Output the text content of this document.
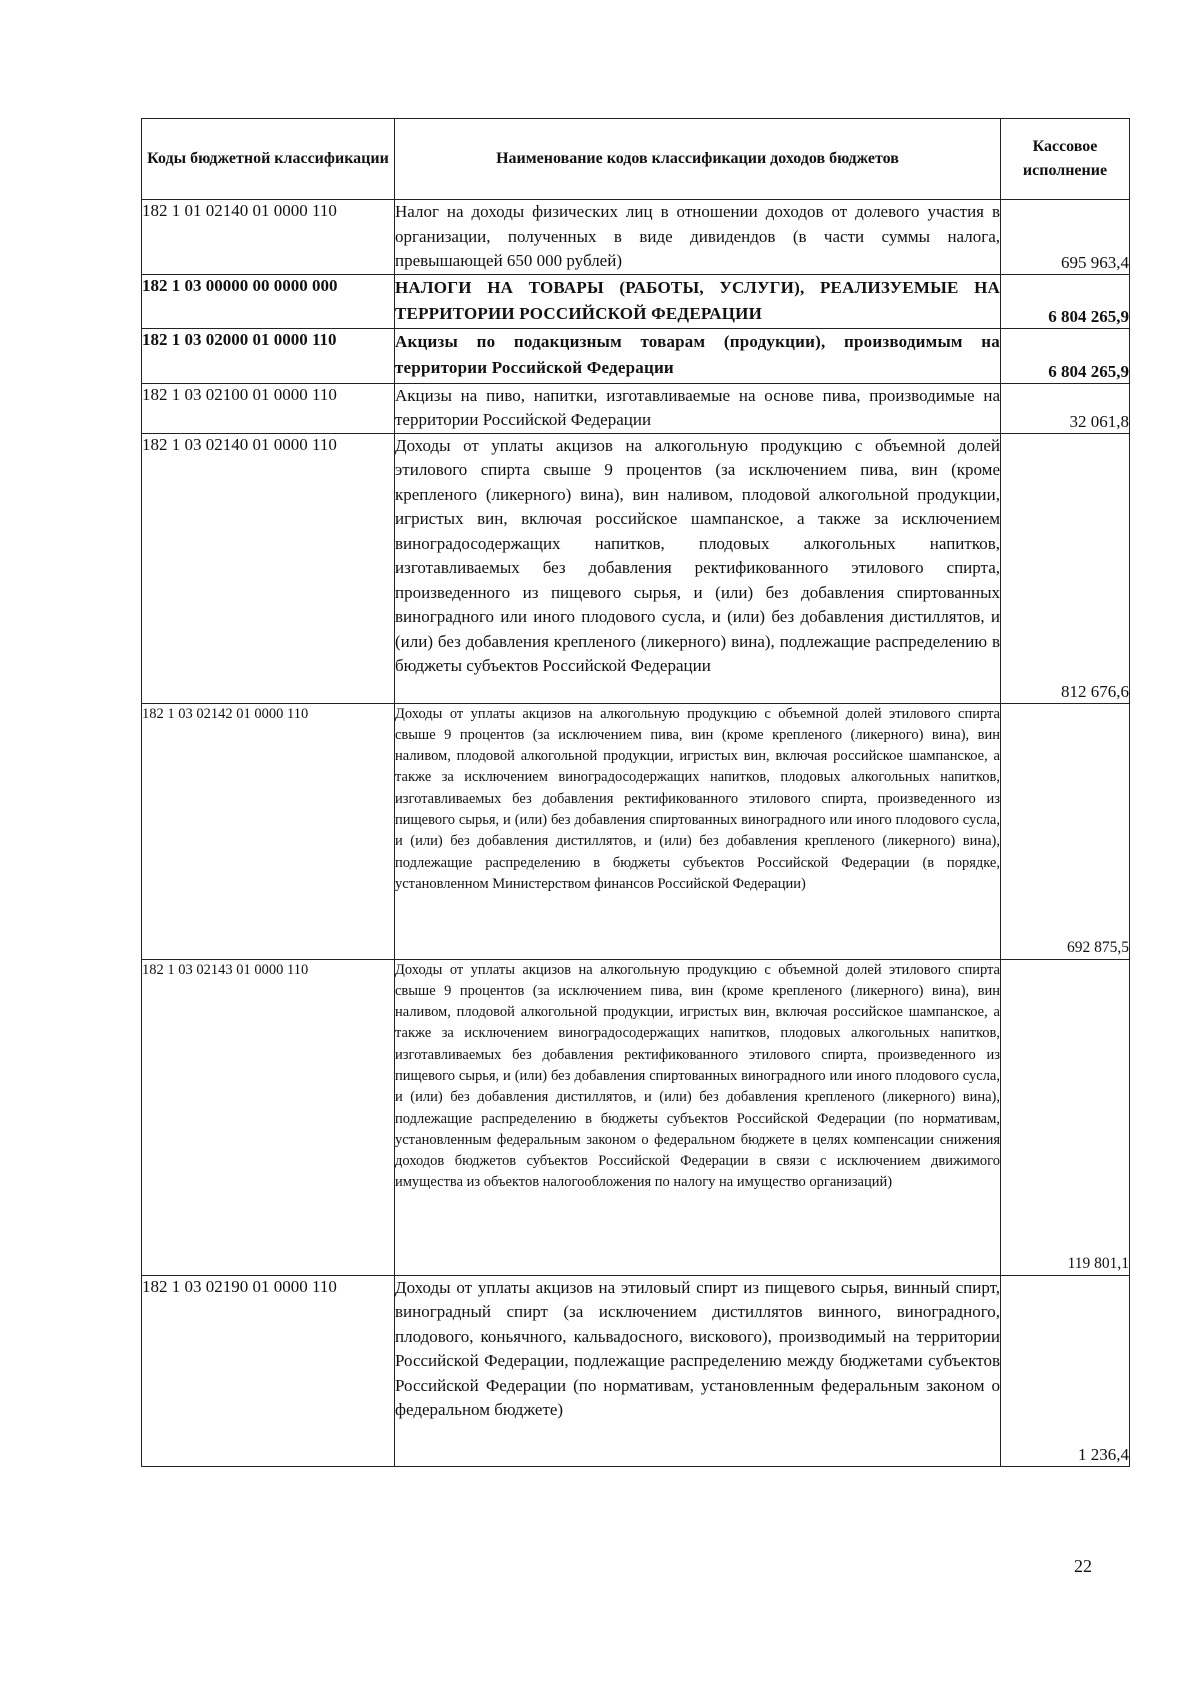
Коды бюджетной классификации	Наименование кодов классификации доходов бюджетов	Кассовое исполнение
182 1 01 02140 01 0000 110	Налог на доходы физических лиц в отношении доходов от долевого участия в организации, полученных в виде дивидендов (в части суммы налога, превышающей 650 000 рублей)	695 963,4
182 1 03 00000 00 0000 000	НАЛОГИ НА ТОВАРЫ (РАБОТЫ, УСЛУГИ), РЕАЛИЗУЕМЫЕ НА ТЕРРИТОРИИ РОССИЙСКОЙ ФЕДЕРАЦИИ	6 804 265,9
182 1 03 02000 01 0000 110	Акцизы по подакцизным товарам (продукции), производимым на территории Российской Федерации	6 804 265,9
182 1 03 02100 01 0000 110	Акцизы на пиво, напитки, изготавливаемые на основе пива, производимые на территории Российской Федерации	32 061,8
182 1 03 02140 01 0000 110	Доходы от уплаты акцизов на алкогольную продукцию с объемной долей этилового спирта свыше 9 процентов (за исключением пива, вин (кроме крепленого (ликерного) вина), вин наливом, плодовой алкогольной продукции, игристых вин, включая российское шампанское, а также за исключением виноградосодержащих напитков, плодовых алкогольных напитков, изготавливаемых без добавления ректификованного этилового спирта, произведенного из пищевого сырья, и (или) без добавления спиртованных виноградного или иного плодового сусла, и (или) без добавления дистиллятов, и (или) без добавления крепленого (ликерного) вина), подлежащие распределению в бюджеты субъектов Российской Федерации	812 676,6
182 1 03 02142 01 0000 110	Доходы от уплаты акцизов на алкогольную продукцию с объемной долей этилового спирта свыше 9 процентов (за исключением пива, вин (кроме крепленого (ликерного) вина), вин наливом, плодовой алкогольной продукции, игристых вин, включая российское шампанское, а также за исключением виноградосодержащих напитков, плодовых алкогольных напитков, изготавливаемых без добавления ректификованного этилового спирта, произведенного из пищевого сырья, и (или) без добавления спиртованных виноградного или иного плодового сусла, и (или) без добавления дистиллятов, и (или) без добавления крепленого (ликерного) вина), подлежащие распределению в бюджеты субъектов Российской Федерации (в порядке, установленном Министерством финансов Российской Федерации)	692 875,5
182 1 03 02143 01 0000 110	Доходы от уплаты акцизов на алкогольную продукцию с объемной долей этилового спирта свыше 9 процентов (за исключением пива, вин (кроме крепленого (ликерного) вина), вин наливом, плодовой алкогольной продукции, игристых вин, включая российское шампанское, а также за исключением виноградосодержащих напитков, плодовых алкогольных напитков, изготавливаемых без добавления ректификованного этилового спирта, произведенного из пищевого сырья, и (или) без добавления спиртованных виноградного или иного плодового сусла, и (или) без добавления дистиллятов, и (или) без добавления крепленого (ликерного) вина), подлежащие распределению в бюджеты субъектов Российской Федерации (по нормативам, установленным федеральным законом о федеральном бюджете в целях компенсации снижения доходов бюджетов субъектов Российской Федерации в связи с исключением движимого имущества из объектов налогообложения по налогу на имущество организаций)	119 801,1
182 1 03 02190 01 0000 110	Доходы от уплаты акцизов на этиловый спирт из пищевого сырья, винный спирт, виноградный спирт (за исключением дистиллятов винного, виноградного, плодового, коньячного, кальвадосного, вискового), производимый на территории Российской Федерации, подлежащие распределению между бюджетами субъектов Российской Федерации (по нормативам, установленным федеральным законом о федеральном бюджете)	1 236,4
22
